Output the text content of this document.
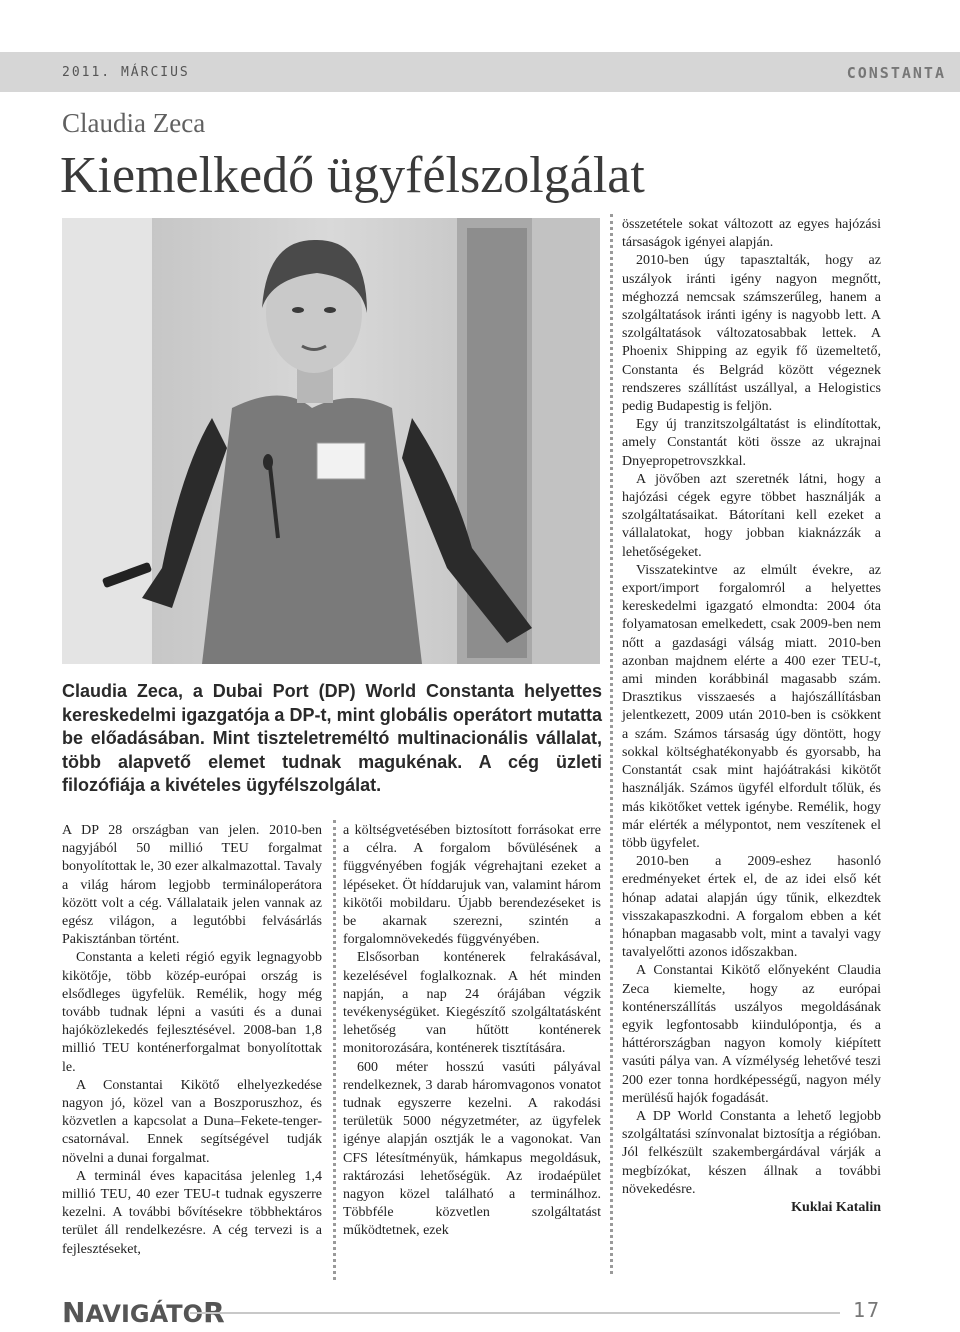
2011. MÁRCIUS	CONSTANTA
Claudia Zeca
Kiemelkedő ügyfélszolgálat
Claudia Zeca, a Dubai Port (DP) World Constanta helyettes kereskedelmi igazgatója a DP-t, mint globális operátort mutatta be előadásában. Mint tiszteletreméltó multinacionális vállalat, több alapvető elemet tudnak magukénak. A cég üzleti filozófiája a kivételes ügyfélszolgálat.

A DP 28 országban van jelen. 2010-ben nagyjából 50 millió TEU forgalmat bonyolítottak le, 30 ezer alkalmazottal. Tavaly a világ három legjobb termináloperátora között volt a cég. Vállalataik jelen vannak az egész világon, a legutóbbi felvásárlás Pakisztánban történt.

Constanta a keleti régió egyik legnagyobb kikötője, több közép-európai ország is elsődleges ügyfelük. Remélik, hogy még tovább tudnak lépni a vasúti és a dunai hajóközlekedés fejlesztésével. 2008-ban 1,8 millió TEU konténerforgalmat bonyolítottak le.

A Constantai Kikötő elhelyezkedése nagyon jó, közel van a Boszporuszhoz, és közvetlen a kapcsolat a Duna–Fekete-tenger-csatornával. Ennek segítségével tudják növelni a dunai forgalmat.

A terminál éves kapacitása jelenleg 1,4 millió TEU, 40 ezer TEU-t tudnak egyszerre kezelni. A további bővítésekre többhektáros terület áll rendelkezésre. A cég tervezi is a fejlesztéseket,

a költségvetésében biztosított forrásokat erre a célra. A forgalom bővülésének a függvényében fogják végrehajtani ezeket a lépéseket. Öt híddarujuk van, valamint három kikötői mobildaru. Újabb berendezéseket is be akarnak szerezni, szintén a forgalomnövekedés függvényében.

Elsősorban konténerek felrakásával, kezelésével foglalkoznak. A hét minden napján, a nap 24 órájában végzik tevékenységüket. Kiegészítő szolgáltatásként lehetőség van hűtött konténerek monitorozására, konténerek tisztítására.

600 méter hosszú vasúti pályával rendelkeznek, 3 darab háromvagonos vonatot tudnak egyszerre kezelni. A rakodási területük 5000 négyzetméter, az ügyfelek igénye alapján osztják le a vagonokat. Van CFS létesítményük, hámkapus megoldásuk, raktározási lehetőségük. Az irodaépület nagyon közel található a terminálhoz. Többféle közvetlen szolgáltatást működtetnek, ezek

összetétele sokat változott az egyes hajózási társaságok igényei alapján.

2010-ben úgy tapasztalták, hogy az uszályok iránti igény nagyon megnőtt, méghozzá nemcsak számszerűleg, hanem a szolgáltatások iránti igény is nagyobb lett. A szolgáltatások változatosabbak lettek. A Phoenix Shipping az egyik fő üzemeltető, Constanta és Belgrád között végeznek rendszeres szállítást uszállyal, a Helogistics pedig Budapestig is feljön.

Egy új tranzitszolgáltatást is elindítottak, amely Constantát köti össze az ukrajnai Dnyepropetrovszkkal.

A jövőben azt szeretnék látni, hogy a hajózási cégek egyre többet használják a szolgáltatásaikat. Bátorítani kell ezeket a vállalatokat, hogy jobban kiaknázzák a lehetőségeket.

Visszatekintve az elmúlt évekre, az export/import forgalomról a helyettes kereskedelmi igazgató elmondta: 2004 óta folyamatosan emelkedett, csak 2009-ben nem nőtt a gazdasági válság miatt. 2010-ben azonban majdnem elérte a 400 ezer TEU-t, ami minden korábbinál magasabb szám. Drasztikus visszaesés a hajószállításban jelentkezett, 2009 után 2010-ben is csökkent a szám. Számos társaság úgy döntött, hogy sokkal költséghatékonyabb és gyorsabb, ha Constantát csak mint hajóátrakási kikötőt használják. Számos ügyfél elfordult tőlük, és más kikötőket vettek igénybe. Remélik, hogy már elérték a mélypontot, nem veszítenek el több ügyfelet.

2010-ben a 2009-eshez hasonló eredményeket értek el, de az idei első két hónap adatai alapján úgy tűnik, elkezdtek visszakapaszkodni. A forgalom ebben a két hónapban magasabb volt, mint a tavalyi vagy tavalyelőtti azonos időszakban.

A Constantai Kikötő előnyeként Claudia Zeca kiemelte, hogy az európai konténerszállítás uszályos megoldásának egyik legfontosabb kiindulópontja, és a háttérországban nagyon komoly kiépített vasúti pálya van. A vízmélység lehetővé teszi 200 ezer tonna hordképességű, nagyon mély merülésű hajók fogadását.

A DP World Constanta a lehető legjobb szolgáltatási színvonalat biztosítja a régióban. Jól felkészült szakembergárdával várják a megbízókat, készen állnak a további növekedésre.

Kuklai Katalin

NAVIGÁTOR	17
